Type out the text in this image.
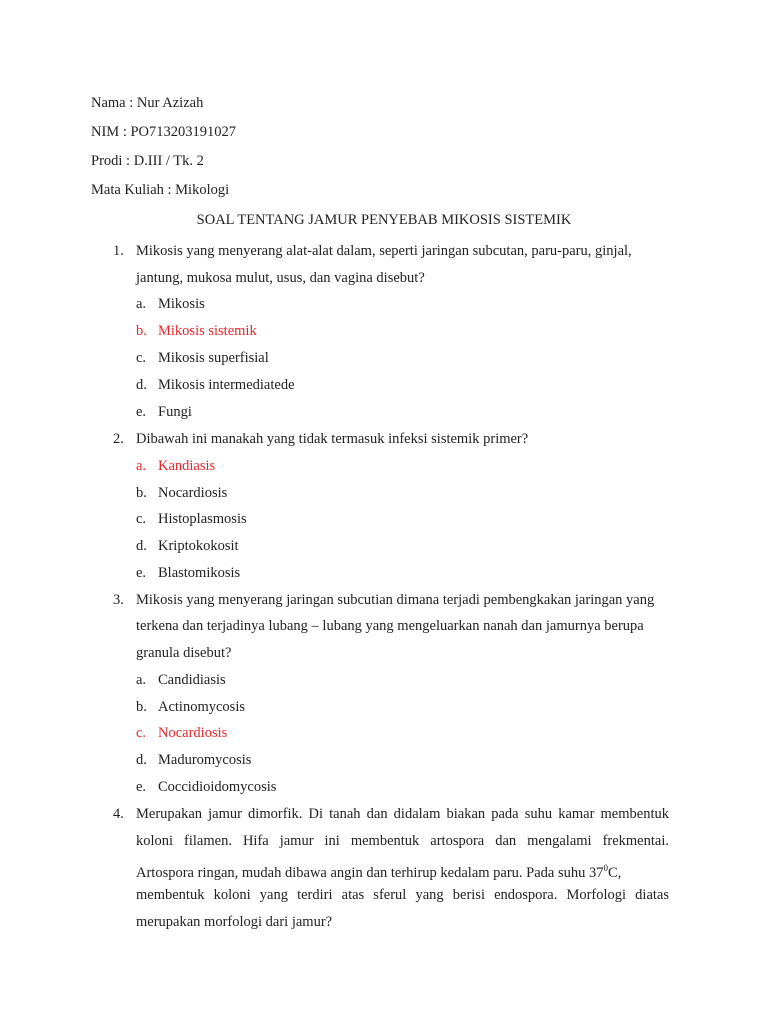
Nama : Nur Azizah
NIM : PO713203191027
Prodi : D.III / Tk. 2
Mata Kuliah : Mikologi
SOAL TENTANG JAMUR PENYEBAB MIKOSIS SISTEMIK
1. Mikosis yang menyerang alat-alat dalam, seperti jaringan subcutan, paru-paru, ginjal,
jantung, mukosa mulut, usus, dan vagina disebut?
a. Mikosis
b. Mikosis sistemik
c. Mikosis superfisial
d. Mikosis intermediatede
e. Fungi
2. Dibawah ini manakah yang tidak termasuk infeksi sistemik primer?
a. Kandiasis
b. Nocardiosis
c. Histoplasmosis
d. Kriptokokosit
e. Blastomikosis
3. Mikosis yang menyerang jaringan subcutian dimana terjadi pembengkakan jaringan yang
terkena dan terjadinya lubang – lubang yang mengeluarkan nanah dan jamurnya berupa
granula disebut?
a. Candidiasis
b. Actinomycosis
c. Nocardiosis
d. Maduromycosis
e. Coccidioidomycosis
4. Merupakan jamur dimorfik. Di tanah dan didalam biakan pada suhu kamar membentuk
koloni filamen. Hifa jamur ini membentuk artospora dan mengalami frekmentai.
Artospora ringan, mudah dibawa angin dan terhirup kedalam paru. Pada suhu $37^0C$,
membentuk koloni yang terdiri atas sferul yang berisi endospora. Morfologi diatas
merupakan morfologi dari jamur?
